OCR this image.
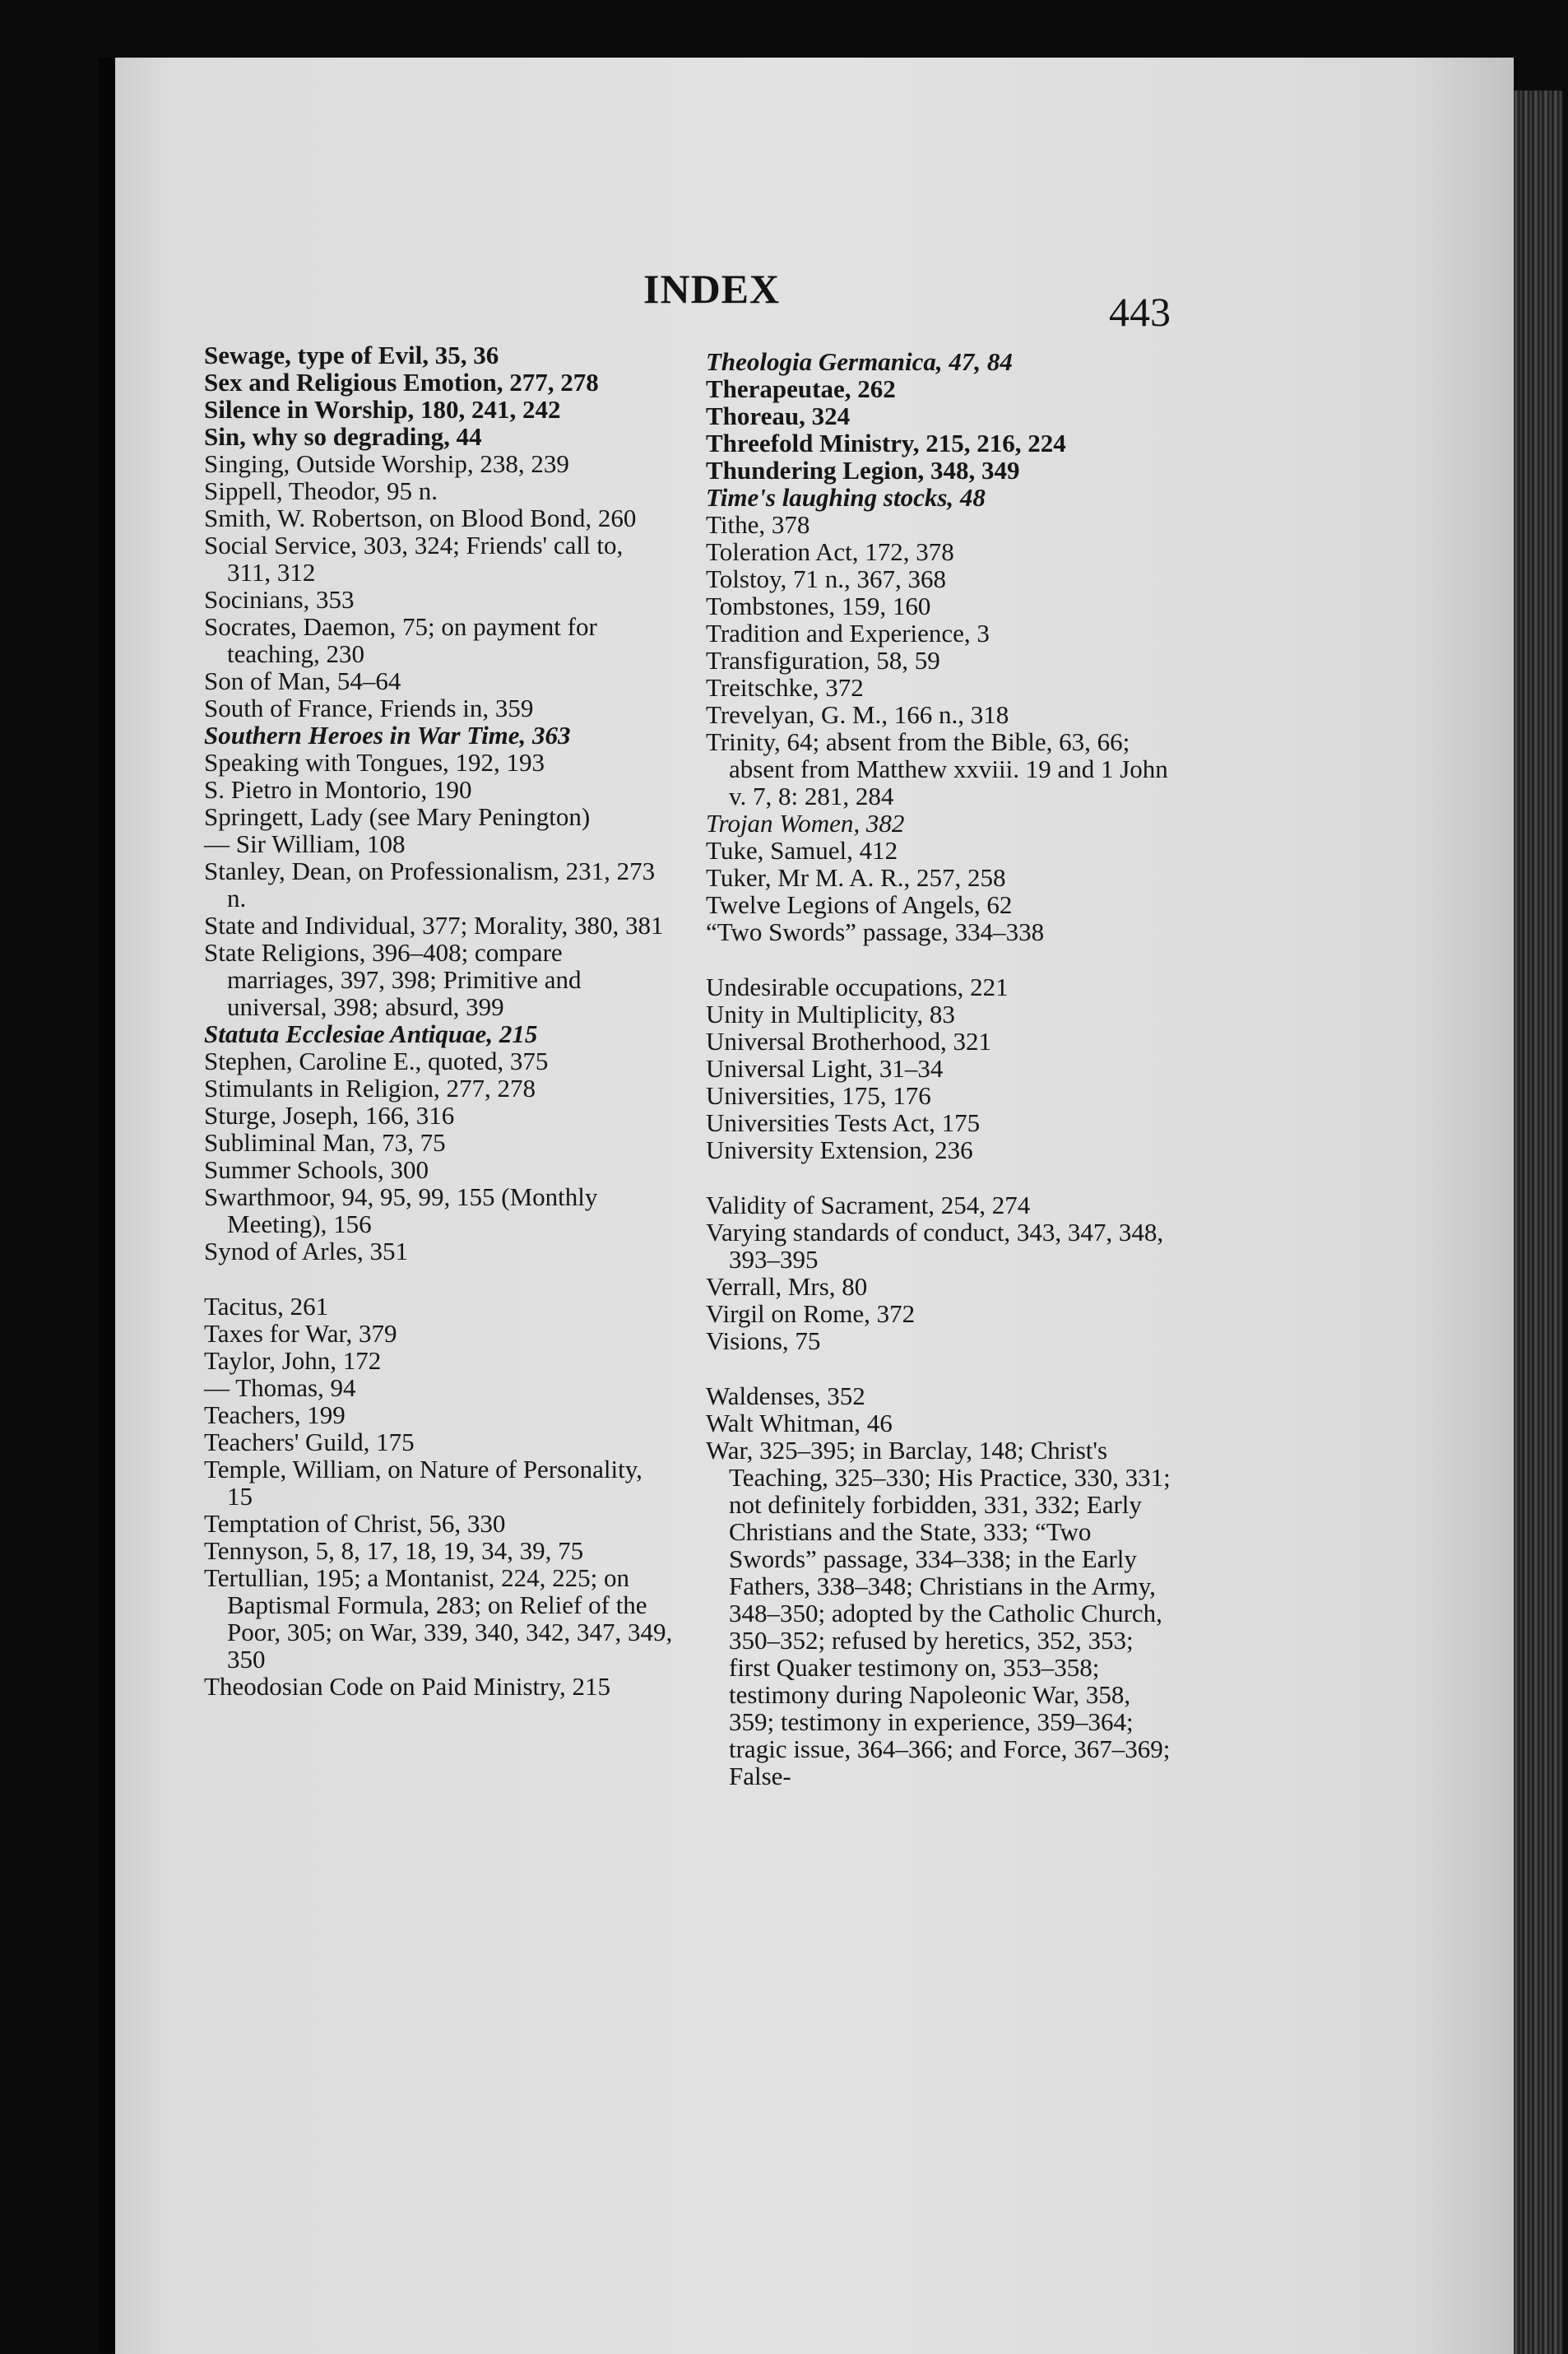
INDEX	443
Sewage, type of Evil, 35, 36
Sex and Religious Emotion, 277, 278
Silence in Worship, 180, 241, 242
Sin, why so degrading, 44
Singing, Outside Worship, 238, 239
Sippell, Theodor, 95 n.
Smith, W. Robertson, on Blood Bond, 260
Social Service, 303, 324; Friends' call to, 311, 312
Socinians, 353
Socrates, Daemon, 75; on payment for teaching, 230
Son of Man, 54–64
South of France, Friends in, 359
Southern Heroes in War Time, 363
Speaking with Tongues, 192, 193
S. Pietro in Montorio, 190
Springett, Lady (see Mary Penington)
— Sir William, 108
Stanley, Dean, on Professionalism, 231, 273 n.
State and Individual, 377; Morality, 380, 381
State Religions, 396–408; compare marriages, 397, 398; Primitive and universal, 398; absurd, 399
Statuta Ecclesiae Antiquae, 215
Stephen, Caroline E., quoted, 375
Stimulants in Religion, 277, 278
Sturge, Joseph, 166, 316
Subliminal Man, 73, 75
Summer Schools, 300
Swarthmoor, 94, 95, 99, 155 (Monthly Meeting), 156
Synod of Arles, 351
Tacitus, 261
Taxes for War, 379
Taylor, John, 172
— Thomas, 94
Teachers, 199
Teachers' Guild, 175
Temple, William, on Nature of Personality, 15
Temptation of Christ, 56, 330
Tennyson, 5, 8, 17, 18, 19, 34, 39, 75
Tertullian, 195; a Montanist, 224, 225; on Baptismal Formula, 283; on Relief of the Poor, 305; on War, 339, 340, 342, 347, 349, 350
Theodosian Code on Paid Ministry, 215
Theologia Germanica, 47, 84
Therapeutae, 262
Thoreau, 324
Threefold Ministry, 215, 216, 224
Thundering Legion, 348, 349
Time's laughing stocks, 48
Tithe, 378
Toleration Act, 172, 378
Tolstoy, 71 n., 367, 368
Tombstones, 159, 160
Tradition and Experience, 3
Transfiguration, 58, 59
Treitschke, 372
Trevelyan, G. M., 166 n., 318
Trinity, 64; absent from the Bible, 63, 66; absent from Matthew xxviii. 19 and 1 John v. 7, 8: 281, 284
Trojan Women, 382
Tuke, Samuel, 412
Tuker, Mr M. A. R., 257, 258
Twelve Legions of Angels, 62
“Two Swords” passage, 334–338
Undesirable occupations, 221
Unity in Multiplicity, 83
Universal Brotherhood, 321
Universal Light, 31–34
Universities, 175, 176
Universities Tests Act, 175
University Extension, 236
Validity of Sacrament, 254, 274
Varying standards of conduct, 343, 347, 348, 393–395
Verrall, Mrs, 80
Virgil on Rome, 372
Visions, 75
Waldenses, 352
Walt Whitman, 46
War, 325–395; in Barclay, 148; Christ's Teaching, 325–330; His Practice, 330, 331; not definitely forbidden, 331, 332; Early Christians and the State, 333; “Two Swords” passage, 334–338; in the Early Fathers, 338–348; Christians in the Army, 348–350; adopted by the Catholic Church, 350–352; refused by heretics, 352, 353; first Quaker testimony on, 353–358; testimony during Napoleonic War, 358, 359; testimony in experience, 359–364; tragic issue, 364–366; and Force, 367–369; False-
